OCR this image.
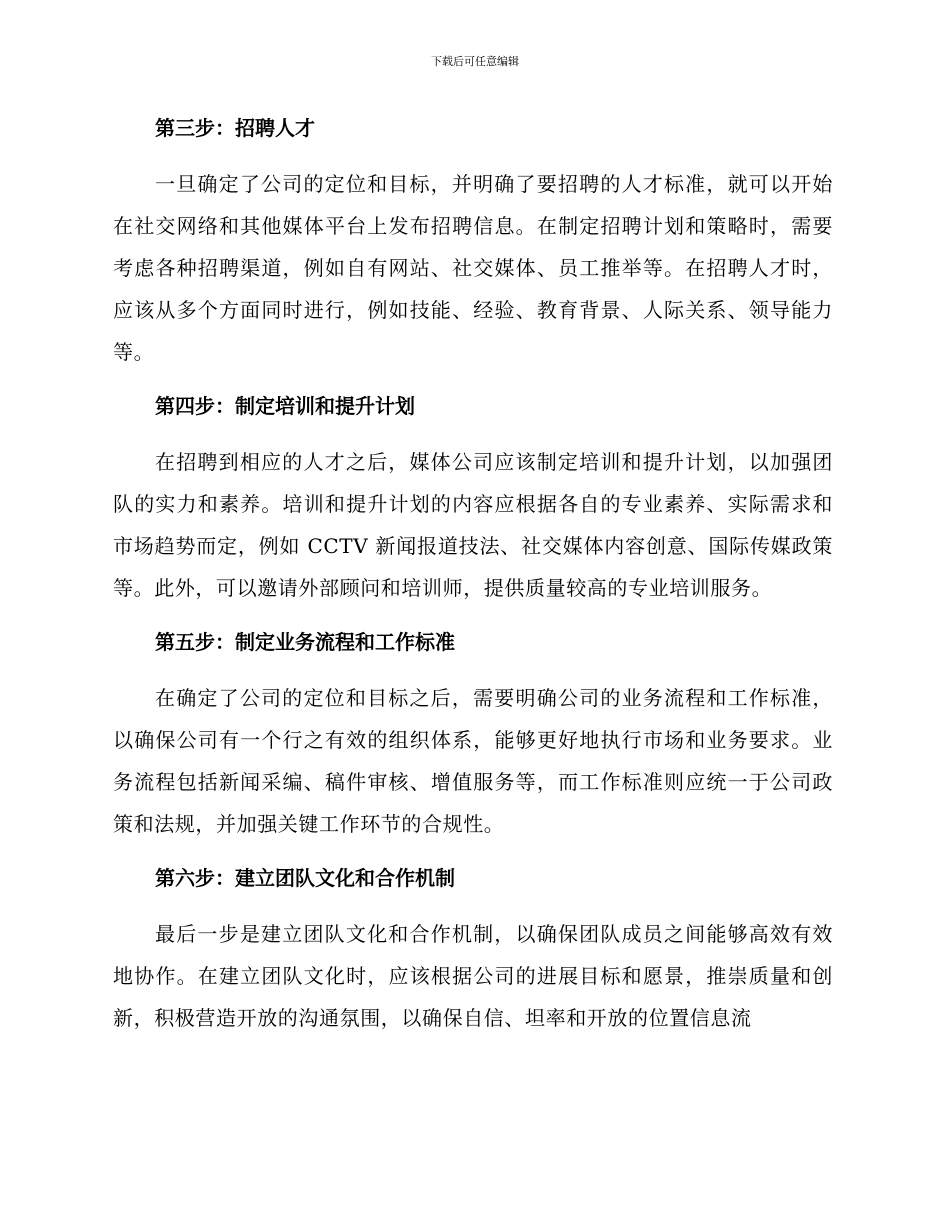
下载后可任意编辑
第三步：招聘人才

一旦确定了公司的定位和目标，并明确了要招聘的人才标准，就可以开始在社交网络和其他媒体平台上发布招聘信息。在制定招聘计划和策略时，需要考虑各种招聘渠道，例如自有网站、社交媒体、员工推举等。在招聘人才时，应该从多个方面同时进行，例如技能、经验、教育背景、人际关系、领导能力等。

第四步：制定培训和提升计划

在招聘到相应的人才之后，媒体公司应该制定培训和提升计划，以加强团队的实力和素养。培训和提升计划的内容应根据各自的专业素养、实际需求和市场趋势而定，例如 CCTV 新闻报道技法、社交媒体内容创意、国际传媒政策等。此外，可以邀请外部顾问和培训师，提供质量较高的专业培训服务。

第五步：制定业务流程和工作标准

在确定了公司的定位和目标之后，需要明确公司的业务流程和工作标准，以确保公司有一个行之有效的组织体系，能够更好地执行市场和业务要求。业务流程包括新闻采编、稿件审核、增值服务等，而工作标准则应统一于公司政策和法规，并加强关键工作环节的合规性。

第六步：建立团队文化和合作机制

最后一步是建立团队文化和合作机制，以确保团队成员之间能够高效有效地协作。在建立团队文化时，应该根据公司的进展目标和愿景，推崇质量和创新，积极营造开放的沟通氛围，以确保自信、坦率和开放的位置信息流
